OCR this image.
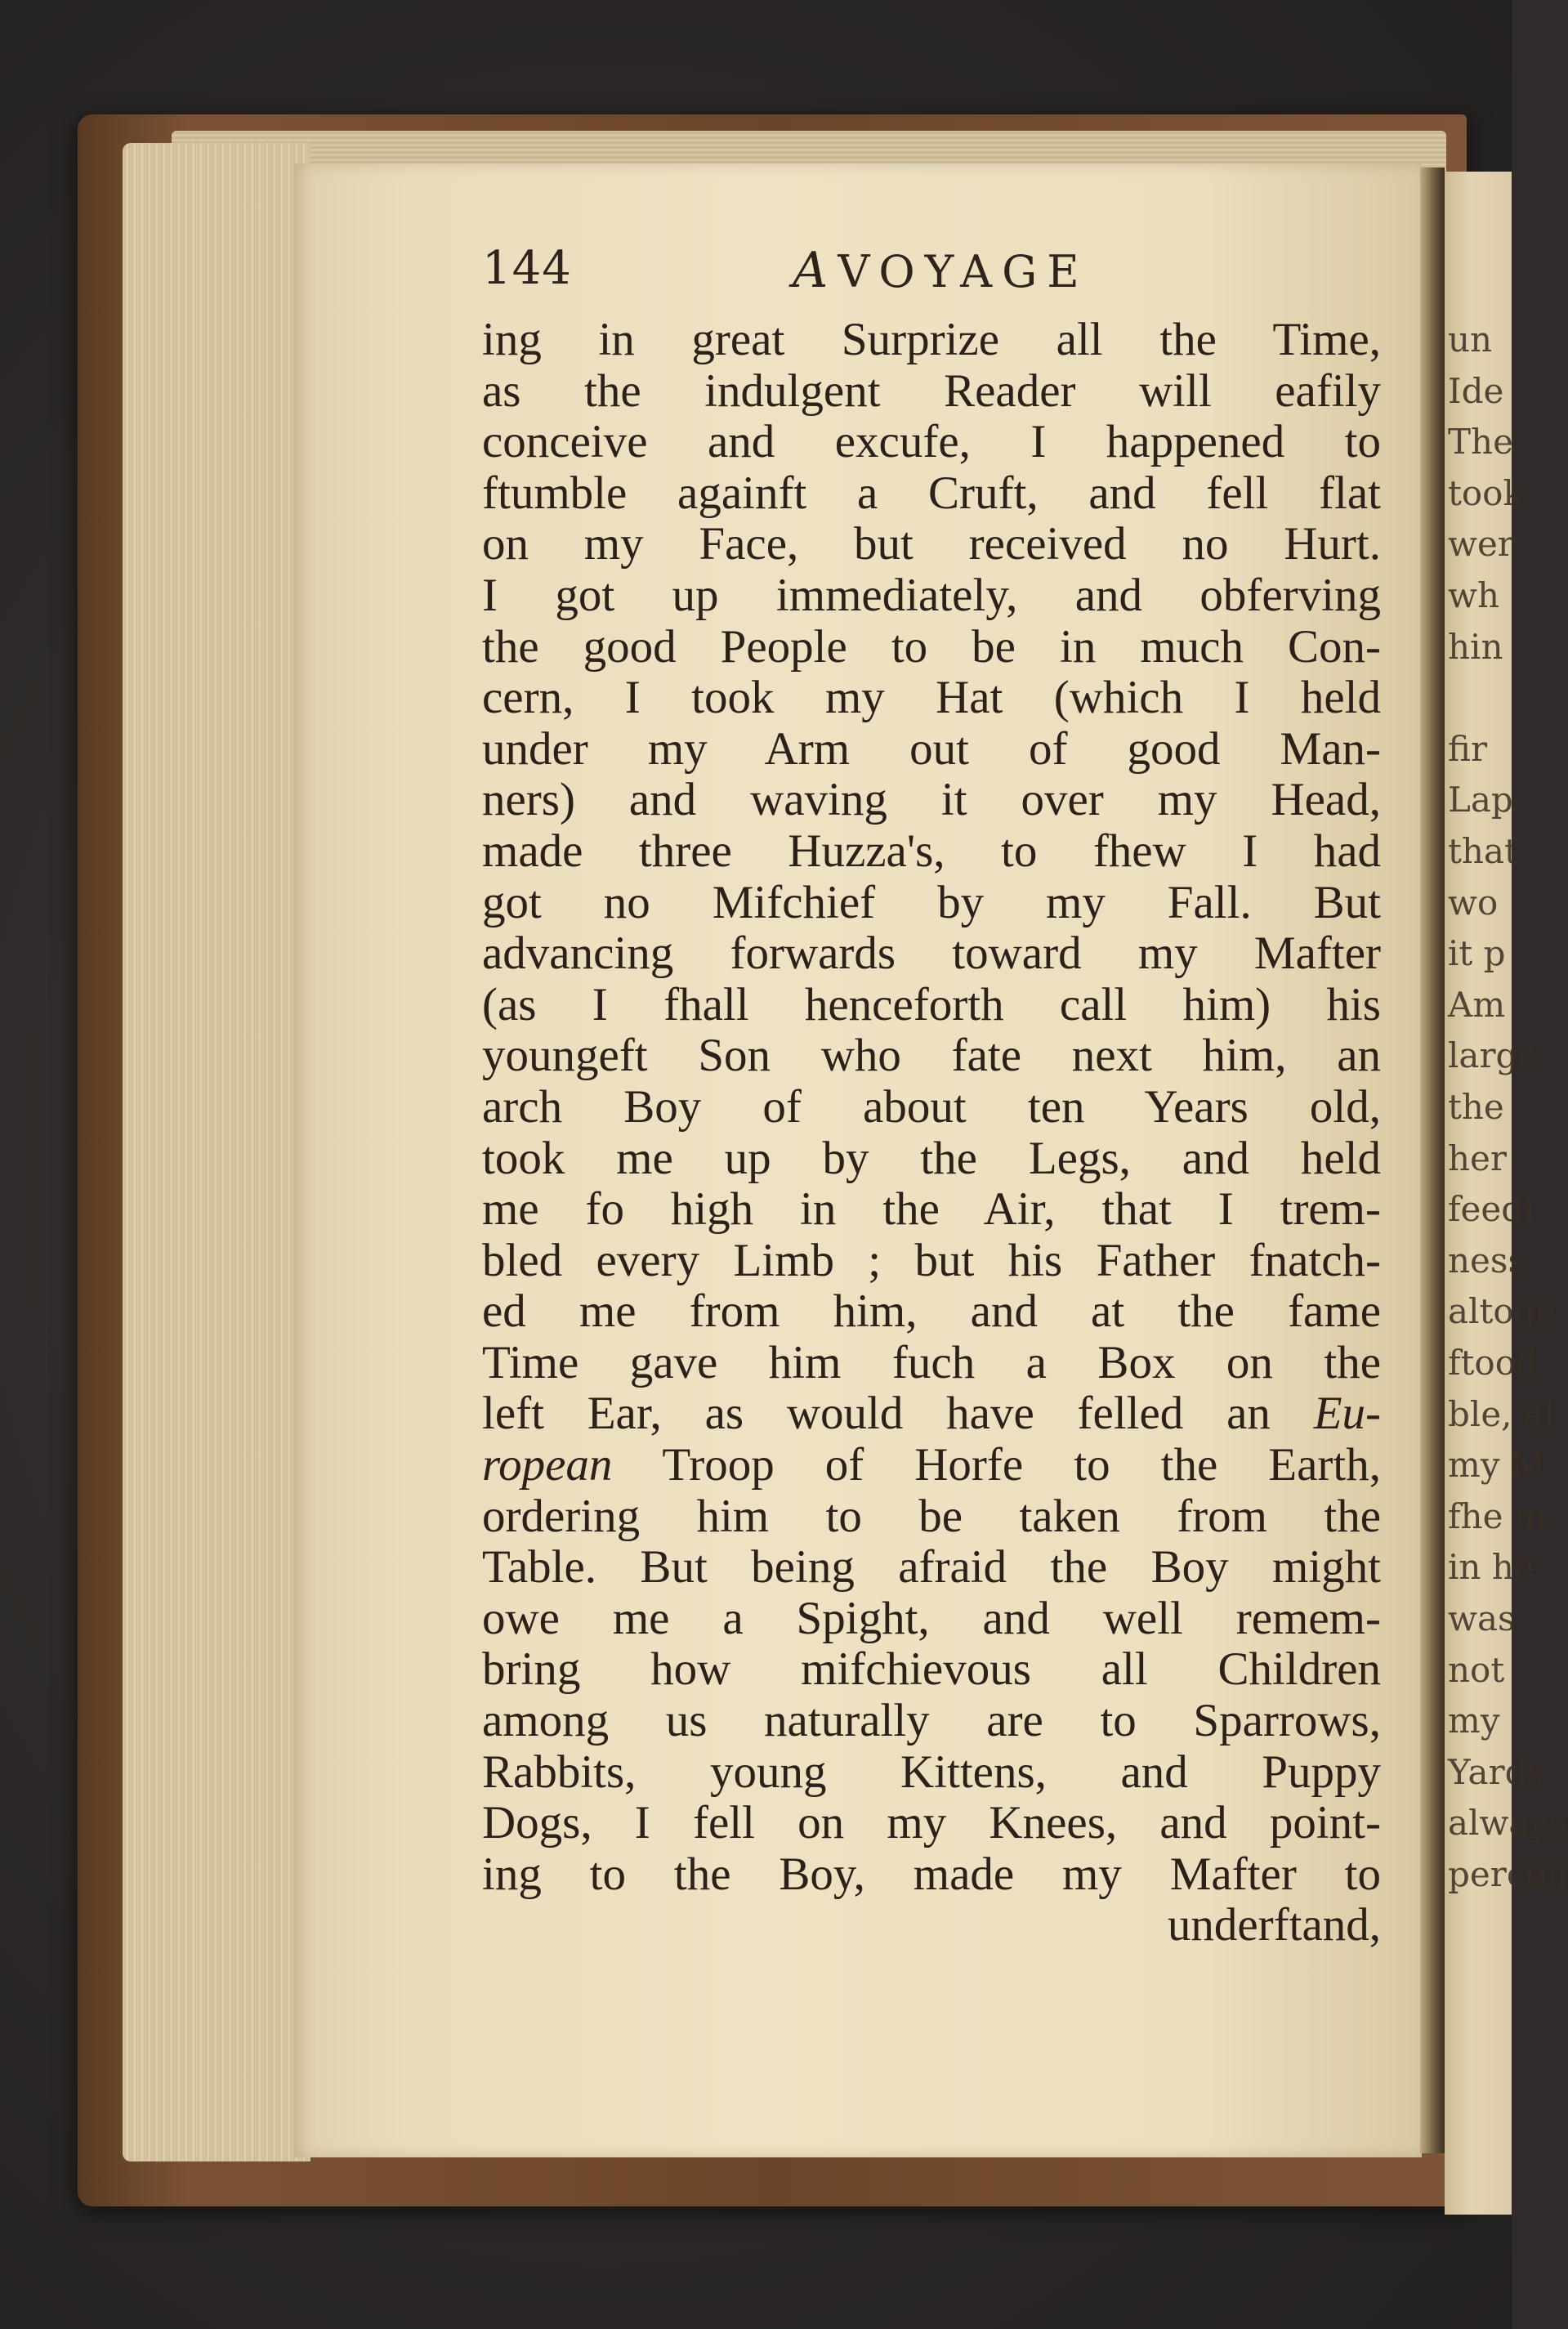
un
Ide
The
took
wer
wh
hin
fir
Lap
that
wo
it p
Am
large
the
her
feedi
ness
altoge
ftood
ble, al
my M
fhe m
in he
was
not
my
Yards
always
percen
144	AVOYAGE
ing in great Surprize all the Time,
as the indulgent Reader will eafily
conceive and excufe, I happened to
ftumble againft a Cruft, and fell flat
on my Face, but received no Hurt.
I got up immediately, and obferving
the good People to be in much Con-
cern, I took my Hat (which I held
under my Arm out of good Man-
ners) and waving it over my Head,
made three Huzza's, to fhew I had
got no Mifchief by my Fall. But
advancing forwards toward my Mafter
(as I fhall henceforth call him) his
youngeft Son who fate next him, an
arch Boy of about ten Years old,
took me up by the Legs, and held
me fo high in the Air, that I trem-
bled every Limb ; but his Father fnatch-
ed me from him, and at the fame
Time gave him fuch a Box on the
left Ear, as would have felled an Eu-
ropean Troop of Horfe to the Earth,
ordering him to be taken from the
Table. But being afraid the Boy might
owe me a Spight, and well remem-
bring how mifchievous all Children
among us naturally are to Sparrows,
Rabbits, young Kittens, and Puppy
Dogs, I fell on my Knees, and point-
ing to the Boy, made my Mafter to
underftand,
